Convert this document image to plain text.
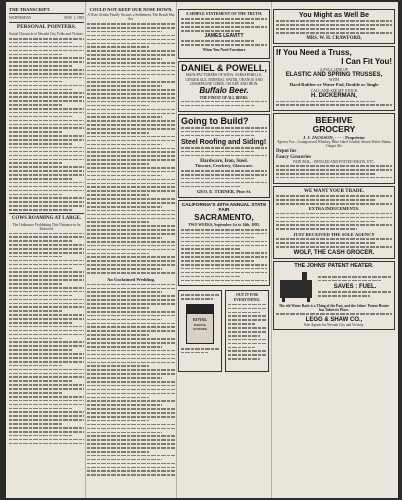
THE TRANSCRIPT.
WEDNESDAY	MAY 1, 1895
PERSONAL POINTERS.
Social Chronicle of Nevada City Folks and Visitors.
COWS ROAMING AT LARGE.
The Ordinance Prohibiting This Nuisance to be Enforced.
COULD NOT KEEP OUR NOSE DOWN.
A Wise Geisha Finally Secures a Settlement. The Result Has Set.
An Unclaimed Wedding.
A SIMPLE STATEMENT OF THE TRUTH.
JAMES LEAVITT
When You Need Furniture
DANIEL & POWELL,
MANUFACTURERS OF SODA, SARSAPARILLA, GINGER ALE, MINERAL WATER, ORANGE AND CHAMPAGNE CIDER, CELERY AND IRON.
Buffalo Beer.
THE FINEST OF ALL BEERS.
Going to Build?
Steel Roofing and Siding!
Hardware, Iron, Steel.
Tinware, Crockery, Glassware.
GEO. E. TURNER, Pine St.
CALIFORNIA'S 40TH ANNUAL STATE FAIR
SACRAMENTO,
TWO WEEKS, September 1st to 14th, 1895.
ROYAL
BAKING POWDER
OUT IT FOR EVERYTHING.
You Might as Well Be
MRS. W. H. CRAWFORD,
If You Need a Truss,
I Can Fit You!
A FULL LINE OF
ELASTIC AND SPRING TRUSSES,
WITH
Hard Rubber or Water Pad, Double or Single
CALL AND SEE MY STOCK
H. DICKERMAN,
BEEHIVE
GROCERY
J. J. JACKSON, - - - - Proprietor
Agency For—Cottagewood Whiskey, Blue Label Cordial, Shasta Water, Shasta Ginger Ale
Depot for
Fancy Groceries
PATE PAIL, - DEVILED AND POTTED MEATS, ETC.
WE WANT YOUR TRADE.
EXTRA INDUCEMENTS.
JUST RECEIVED THE SOLE AGENCY
WOLF, THE CASH GROCER.
THE JOHNS' PATENT HEATER.
SAVES : FUEL.
The old Water Back is a Thing of the Past, and the Johns' Patent Heater has Taken its Place.
LEGG & SHAW CO.,
Sole Agents for Nevada City and Vicinity.
